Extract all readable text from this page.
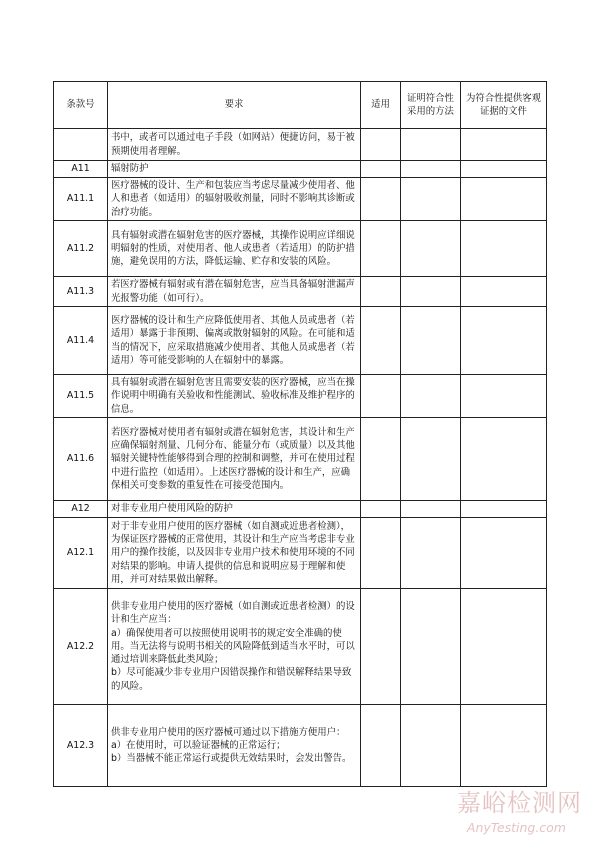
条款号	要求	适用	证明符合性采用的方法	为符合性提供客观证据的文件
	书中，或者可以通过电子手段（如网站）便捷访问，易于被预期使用者理解。			
A11	辐射防护			
A11.1	医疗器械的设计、生产和包装应当考虑尽量减少使用者、他人和患者（如适用）的辐射吸收剂量，同时不影响其诊断或治疗功能。			
A11.2	具有辐射或潜在辐射危害的医疗器械，其操作说明应详细说明辐射的性质，对使用者、他人或患者（若适用）的防护措施，避免误用的方法，降低运输、贮存和安装的风险。			
A11.3	若医疗器械有辐射或有潜在辐射危害，应当具备辐射泄漏声光报警功能（如可行）。			
A11.4	医疗器械的设计和生产应降低使用者、其他人员或患者（若适用）暴露于非预期、偏离或散射辐射的风险。在可能和适当的情况下，应采取措施减少使用者、其他人员或患者（若适用）等可能受影响的人在辐射中的暴露。			
A11.5	具有辐射或潜在辐射危害且需要安装的医疗器械，应当在操作说明中明确有关验收和性能测试、验收标准及维护程序的信息。			
A11.6	若医疗器械对使用者有辐射或潜在辐射危害，其设计和生产应确保辐射剂量、几何分布、能量分布（或质量）以及其他辐射关键特性能够得到合理的控制和调整，并可在使用过程中进行监控（如适用）。上述医疗器械的设计和生产，应确保相关可变参数的重复性在可接受范围内。			
A12	对非专业用户使用风险的防护			
A12.1	对于非专业用户使用的医疗器械（如自测或近患者检测），为保证医疗器械的正常使用，其设计和生产应当考虑非专业用户的操作技能，以及因非专业用户技术和使用环境的不同对结果的影响。申请人提供的信息和说明应易于理解和使用，并可对结果做出解释。			
A12.2	供非专业用户使用的医疗器械（如自测或近患者检测）的设计和生产应当：
a）确保使用者可以按照使用说明书的规定安全准确的使用。当无法将与说明书相关的风险降低到适当水平时，可以通过培训来降低此类风险；
b）尽可能减少非专业用户因错误操作和错误解释结果导致的风险。			
A12.3	供非专业用户使用的医疗器械可通过以下措施方便用户：
a）在使用时，可以验证器械的正常运行；
b）当器械不能正常运行或提供无效结果时，会发出警告。			
嘉峪检测网
AnyTesting.com
